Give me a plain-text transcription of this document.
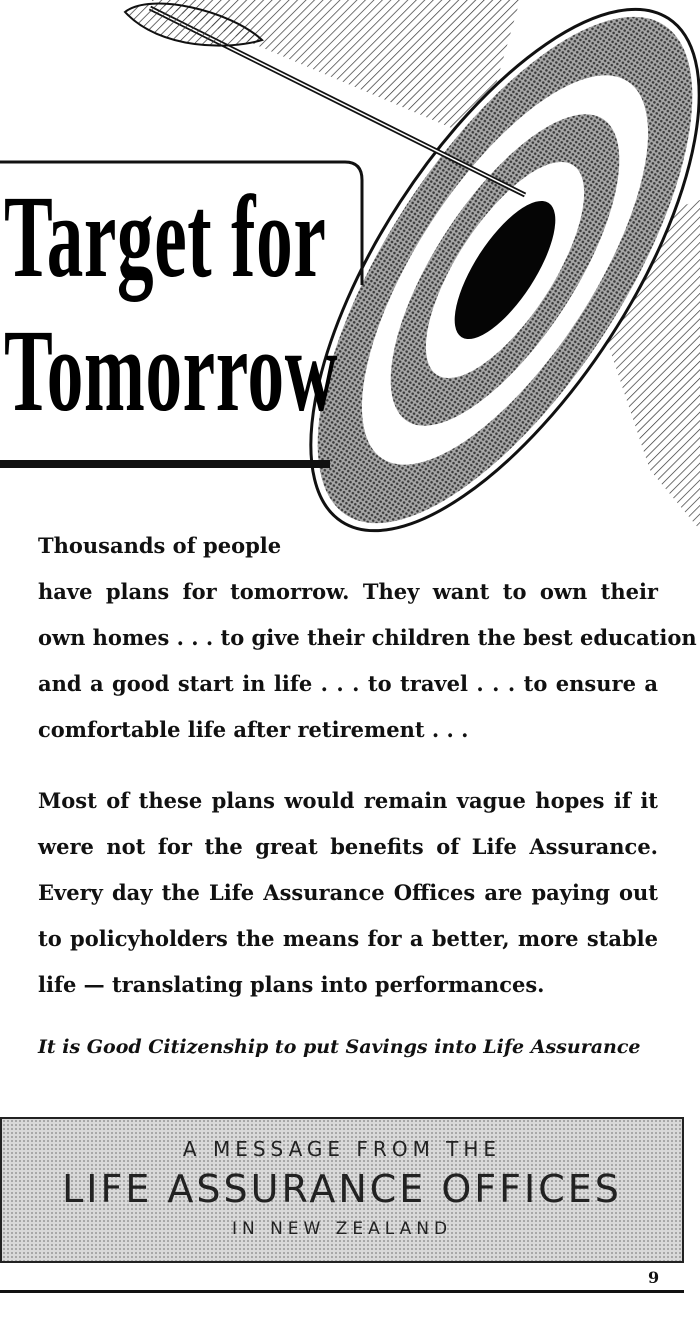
Target for
Tomorrow
Thousands of people
have plans for tomorrow. They want to own their
own homes . . . to give their children the best education
and a good start in life . . . to travel . . . to ensure a
comfortable life after retirement . . .
Most of these plans would remain vague hopes if it
were not for the great benefits of Life Assurance.
Every day the Life Assurance Offices are paying out
to policyholders the means for a better, more stable
life — translating plans into performances.

It is Good Citizenship to put Savings into Life Assurance

A MESSAGE FROM THE
LIFE ASSURANCE OFFICES
IN NEW ZEALAND
9
